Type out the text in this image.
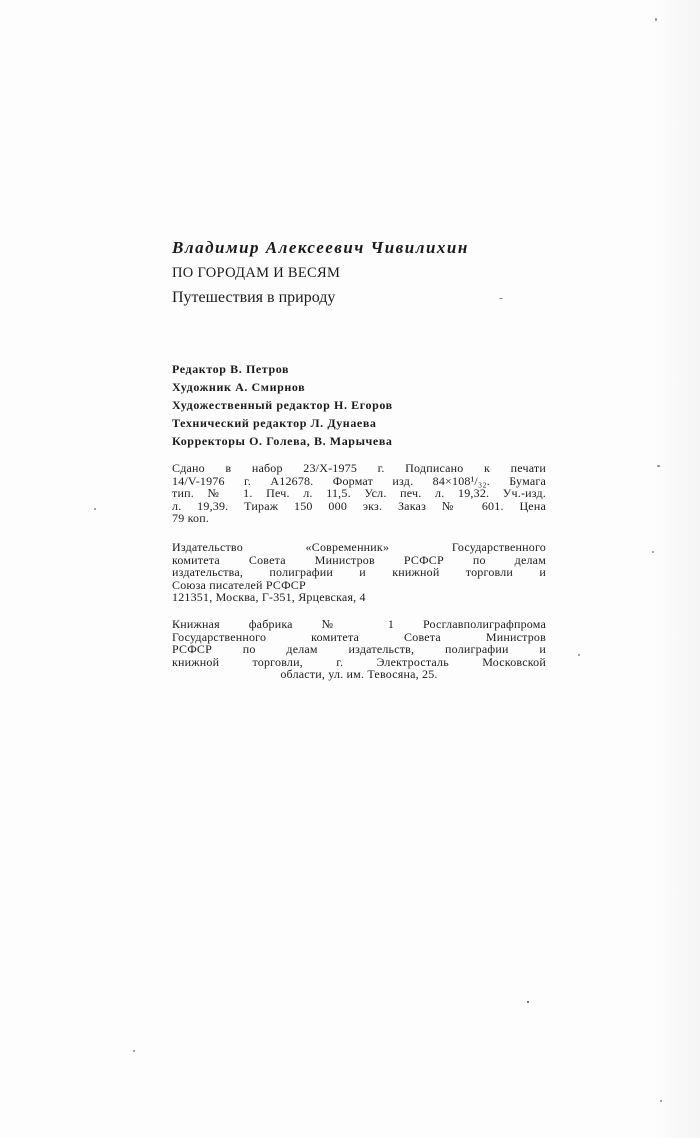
Владимир Алексеевич Чивилихин
ПО ГОРОДАМ И ВЕСЯМ
Путешествия в природу
Редактор В. Петров
Художник А. Смирнов
Художественный редактор Н. Егоров
Технический редактор Л. Дунаева
Корректоры О. Голева, В. Марычева
Сдано в набор 23/X-1975 г. Подписано к печати
14/V-1976 г. А12678. Формат изд. 84×108¹/₃₂. Бумага
тип. № 1. Печ. л. 11,5. Усл. печ. л. 19,32. Уч.-изд.
л. 19,39. Тираж 150 000 экз. Заказ № 601. Цена
79 коп.
Издательство «Современник» Государственного
комитета Совета Министров РСФСР по делам
издательства, полиграфии и книжной торговли и
Союза писателей РСФСР
121351, Москва, Г-351, Ярцевская, 4
Книжная фабрика № 1 Росглавполиграфпрома
Государственного комитета Совета Министров
РСФСР по делам издательств, полиграфии и
книжной торговли, г. Электросталь Московской
области, ул. им. Тевосяна, 25.
